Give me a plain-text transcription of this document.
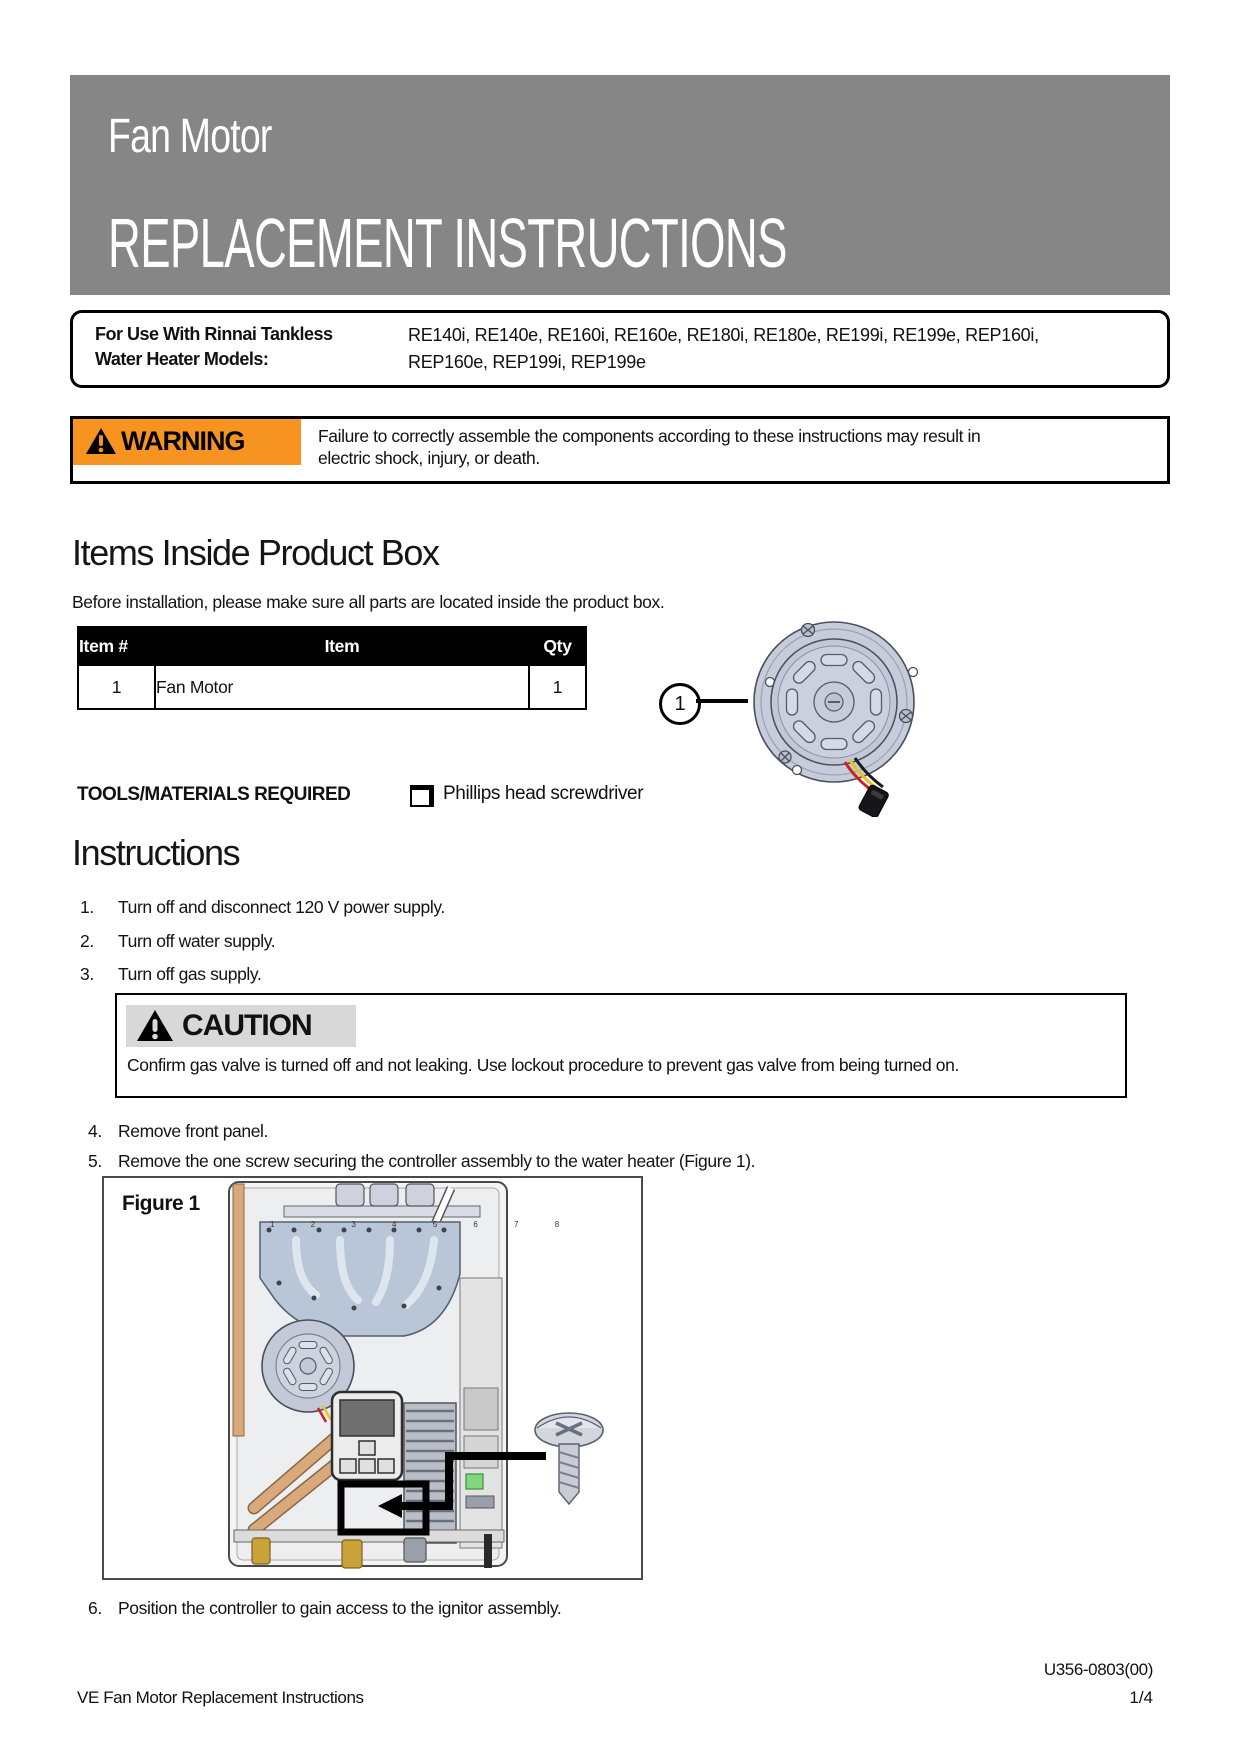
Fan Motor
REPLACEMENT INSTRUCTIONS
For Use With Rinnai Tankless
Water Heater Models:
RE140i, RE140e, RE160i, RE160e, RE180i, RE180e, RE199i, RE199e, REP160i,
REP160e, REP199i, REP199e
WARNING	Failure to correctly assemble the components according to these instructions may result in
electric shock, injury, or death.
Items Inside Product Box
Before installation, please make sure all parts are located inside the product box.
Item #	Item	Qty
1	Fan Motor	1
1
TOOLS/MATERIALS REQUIRED	Phillips head screwdriver
Instructions
1. Turn off and disconnect 120 V power supply.
2. Turn off water supply.
3. Turn off gas supply.
CAUTION
Confirm gas valve is turned off and not leaking. Use lockout procedure to prevent gas valve from being turned on.
4. Remove front panel.
5. Remove the one screw securing the controller assembly to the water heater (Figure 1).
1 2 3 4 5 6 7 8
Figure 1
6. Position the controller to gain access to the ignitor assembly.
U356-0803(00)
VE Fan Motor Replacement Instructions	1/4
